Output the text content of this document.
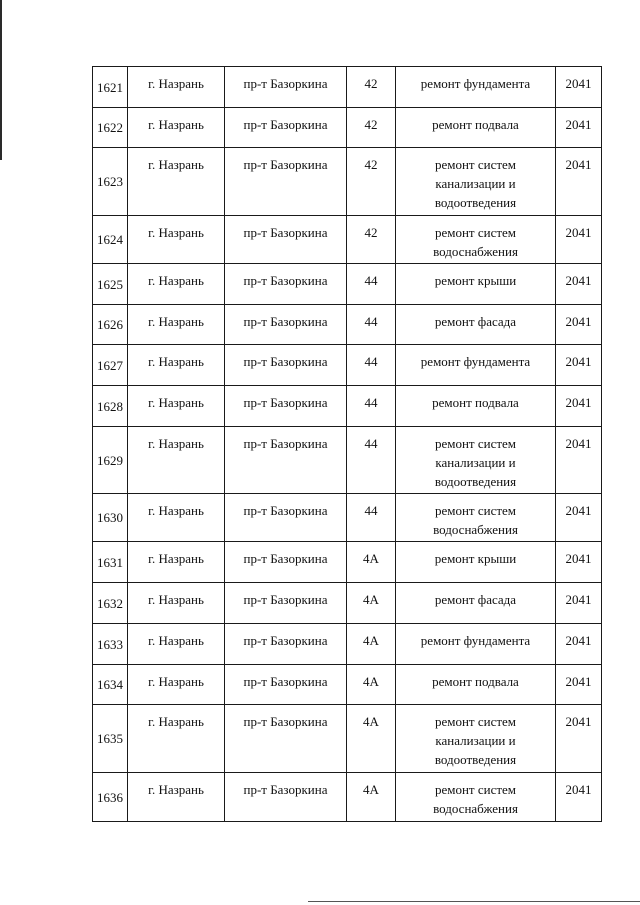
1621	г. Назрань	пр-т Базоркина	42	ремонт фундамента	2041
1622	г. Назрань	пр-т Базоркина	42	ремонт подвала	2041
1623	г. Назрань	пр-т Базоркина	42	ремонт систем канализации и водоотведения	2041
1624	г. Назрань	пр-т Базоркина	42	ремонт систем водоснабжения	2041
1625	г. Назрань	пр-т Базоркина	44	ремонт крыши	2041
1626	г. Назрань	пр-т Базоркина	44	ремонт фасада	2041
1627	г. Назрань	пр-т Базоркина	44	ремонт фундамента	2041
1628	г. Назрань	пр-т Базоркина	44	ремонт подвала	2041
1629	г. Назрань	пр-т Базоркина	44	ремонт систем канализации и водоотведения	2041
1630	г. Назрань	пр-т Базоркина	44	ремонт систем водоснабжения	2041
1631	г. Назрань	пр-т Базоркина	4А	ремонт крыши	2041
1632	г. Назрань	пр-т Базоркина	4А	ремонт фасада	2041
1633	г. Назрань	пр-т Базоркина	4А	ремонт фундамента	2041
1634	г. Назрань	пр-т Базоркина	4А	ремонт подвала	2041
1635	г. Назрань	пр-т Базоркина	4А	ремонт систем канализации и водоотведения	2041
1636	г. Назрань	пр-т Базоркина	4А	ремонт систем водоснабжения	2041
